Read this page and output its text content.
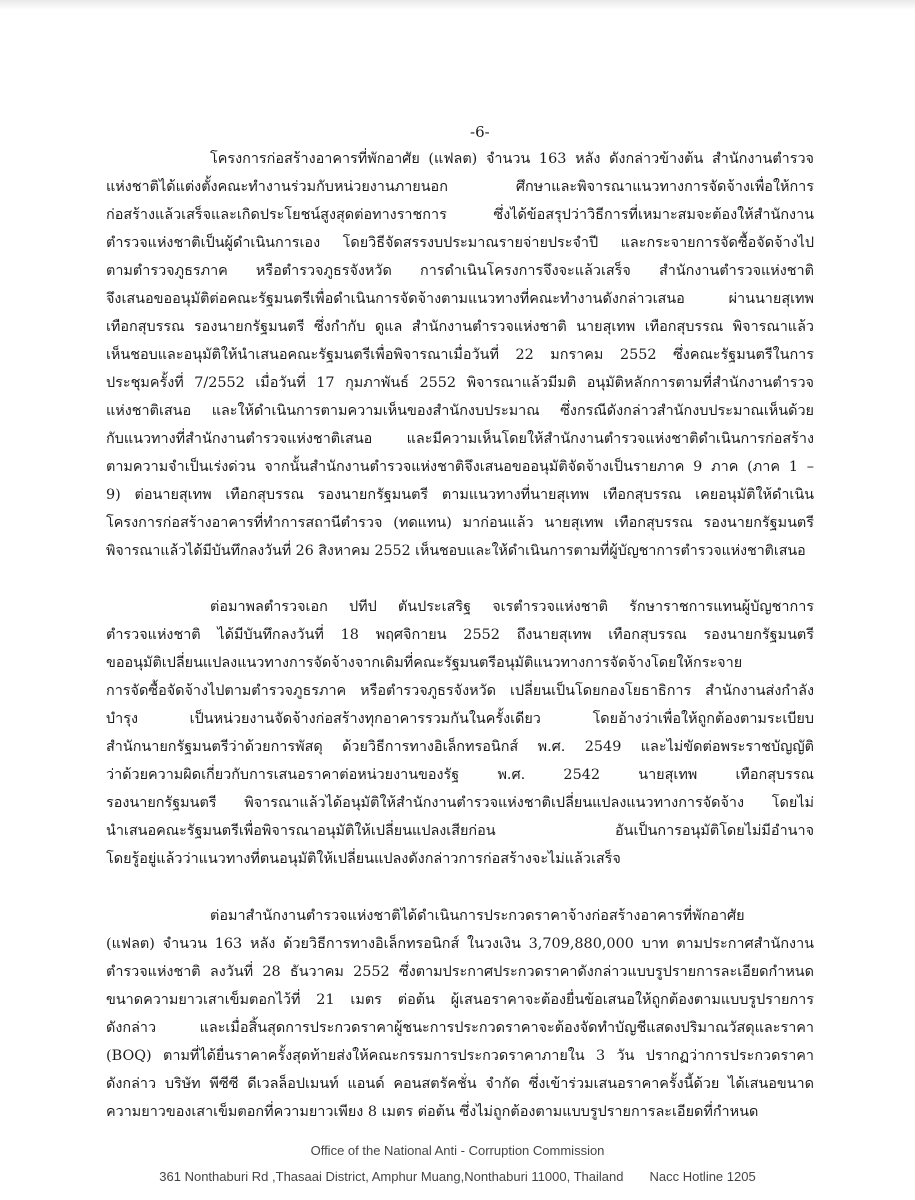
-6-
โครงการก่อสร้างอาคารที่พักอาศัย (แฟลต) จำนวน 163 หลัง ดังกล่าวข้างต้น สำนักงานตำรวจ
แห่งชาติได้แต่งตั้งคณะทำงานร่วมกับหน่วยงานภายนอก ศึกษาและพิจารณาแนวทางการจัดจ้างเพื่อให้การ
ก่อสร้างแล้วเสร็จและเกิดประโยชน์สูงสุดต่อทางราชการ ซึ่งได้ข้อสรุปว่าวิธีการที่เหมาะสมจะต้องให้สำนักงาน
ตำรวจแห่งชาติเป็นผู้ดำเนินการเอง โดยวิธีจัดสรรงบประมาณรายจ่ายประจำปี และกระจายการจัดซื้อจัดจ้างไป
ตามตำรวจภูธรภาค หรือตำรวจภูธรจังหวัด การดำเนินโครงการจึงจะแล้วเสร็จ สำนักงานตำรวจแห่งชาติ
จึงเสนอขออนุมัติต่อคณะรัฐมนตรีเพื่อดำเนินการจัดจ้างตามแนวทางที่คณะทำงานดังกล่าวเสนอ ผ่านนายสุเทพ
เทือกสุบรรณ รองนายกรัฐมนตรี ซึ่งกำกับ ดูแล สำนักงานตำรวจแห่งชาติ นายสุเทพ เทือกสุบรรณ พิจารณาแล้ว
เห็นชอบและอนุมัติให้นำเสนอคณะรัฐมนตรีเพื่อพิจารณาเมื่อวันที่ 22 มกราคม 2552 ซึ่งคณะรัฐมนตรีในการ
ประชุมครั้งที่ 7/2552 เมื่อวันที่ 17 กุมภาพันธ์ 2552 พิจารณาแล้วมีมติ อนุมัติหลักการตามที่สำนักงานตำรวจ
แห่งชาติเสนอ และให้ดำเนินการตามความเห็นของสำนักงบประมาณ ซึ่งกรณีดังกล่าวสำนักงบประมาณเห็นด้วย
กับแนวทางที่สำนักงานตำรวจแห่งชาติเสนอ และมีความเห็นโดยให้สำนักงานตำรวจแห่งชาติดำเนินการก่อสร้าง
ตามความจำเป็นเร่งด่วน จากนั้นสำนักงานตำรวจแห่งชาติจึงเสนอขออนุมัติจัดจ้างเป็นรายภาค 9 ภาค (ภาค 1 –
9) ต่อนายสุเทพ เทือกสุบรรณ รองนายกรัฐมนตรี ตามแนวทางที่นายสุเทพ เทือกสุบรรณ เคยอนุมัติให้ดำเนิน
โครงการก่อสร้างอาคารที่ทำการสถานีตำรวจ (ทดแทน) มาก่อนแล้ว นายสุเทพ เทือกสุบรรณ รองนายกรัฐมนตรี
พิจารณาแล้วได้มีบันทึกลงวันที่ 26 สิงหาคม 2552 เห็นชอบและให้ดำเนินการตามที่ผู้บัญชาการตำรวจแห่งชาติเสนอ
ต่อมาพลตำรวจเอก ปทีป ตันประเสริฐ จเรตำรวจแห่งชาติ รักษาราชการแทนผู้บัญชาการ
ตำรวจแห่งชาติ ได้มีบันทึกลงวันที่ 18 พฤศจิกายน 2552 ถึงนายสุเทพ เทือกสุบรรณ รองนายกรัฐมนตรี
ขออนุมัติเปลี่ยนแปลงแนวทางการจัดจ้างจากเดิมที่คณะรัฐมนตรีอนุมัติแนวทางการจัดจ้างโดยให้กระจาย
การจัดซื้อจัดจ้างไปตามตำรวจภูธรภาค หรือตำรวจภูธรจังหวัด เปลี่ยนเป็นโดยกองโยธาธิการ สำนักงานส่งกำลัง
บำรุง เป็นหน่วยงานจัดจ้างก่อสร้างทุกอาคารรวมกันในครั้งเดียว โดยอ้างว่าเพื่อให้ถูกต้องตามระเบียบ
สำนักนายกรัฐมนตรีว่าด้วยการพัสดุ ด้วยวิธีการทางอิเล็กทรอนิกส์ พ.ศ. 2549 และไม่ขัดต่อพระราชบัญญัติ
ว่าด้วยความผิดเกี่ยวกับการเสนอราคาต่อหน่วยงานของรัฐ พ.ศ. 2542 นายสุเทพ เทือกสุบรรณ
รองนายกรัฐมนตรี พิจารณาแล้วได้อนุมัติให้สำนักงานตำรวจแห่งชาติเปลี่ยนแปลงแนวทางการจัดจ้าง โดยไม่
นำเสนอคณะรัฐมนตรีเพื่อพิจารณาอนุมัติให้เปลี่ยนแปลงเสียก่อน อันเป็นการอนุมัติโดยไม่มีอำนาจ
โดยรู้อยู่แล้วว่าแนวทางที่ตนอนุมัติให้เปลี่ยนแปลงดังกล่าวการก่อสร้างจะไม่แล้วเสร็จ
ต่อมาสำนักงานตำรวจแห่งชาติได้ดำเนินการประกวดราคาจ้างก่อสร้างอาคารที่พักอาศัย
(แฟลต) จำนวน 163 หลัง ด้วยวิธีการทางอิเล็กทรอนิกส์ ในวงเงิน 3,709,880,000 บาท ตามประกาศสำนักงาน
ตำรวจแห่งชาติ ลงวันที่ 28 ธันวาคม 2552 ซึ่งตามประกาศประกวดราคาดังกล่าวแบบรูปรายการละเอียดกำหนด
ขนาดความยาวเสาเข็มตอกไว้ที่ 21 เมตร ต่อต้น ผู้เสนอราคาจะต้องยื่นข้อเสนอให้ถูกต้องตามแบบรูปรายการ
ดังกล่าว และเมื่อสิ้นสุดการประกวดราคาผู้ชนะการประกวดราคาจะต้องจัดทำบัญชีแสดงปริมาณวัสดุและราคา
(BOQ) ตามที่ได้ยื่นราคาครั้งสุดท้ายส่งให้คณะกรรมการประกวดราคาภายใน 3 วัน ปรากฏว่าการประกวดราคา
ดังกล่าว บริษัท พีซีซี ดีเวลล็อปเมนท์ แอนด์ คอนสตรัคชั่น จำกัด ซึ่งเข้าร่วมเสนอราคาครั้งนี้ด้วย ได้เสนอขนาด
ความยาวของเสาเข็มตอกที่ความยาวเพียง 8 เมตร ต่อต้น ซึ่งไม่ถูกต้องตามแบบรูปรายการละเอียดที่กำหนด
Office of the National Anti - Corruption Commission
361 Nonthaburi Rd ,Thasaai District, Amphur Muang,Nonthaburi 11000, Thailand Nacc Hotline 1205
